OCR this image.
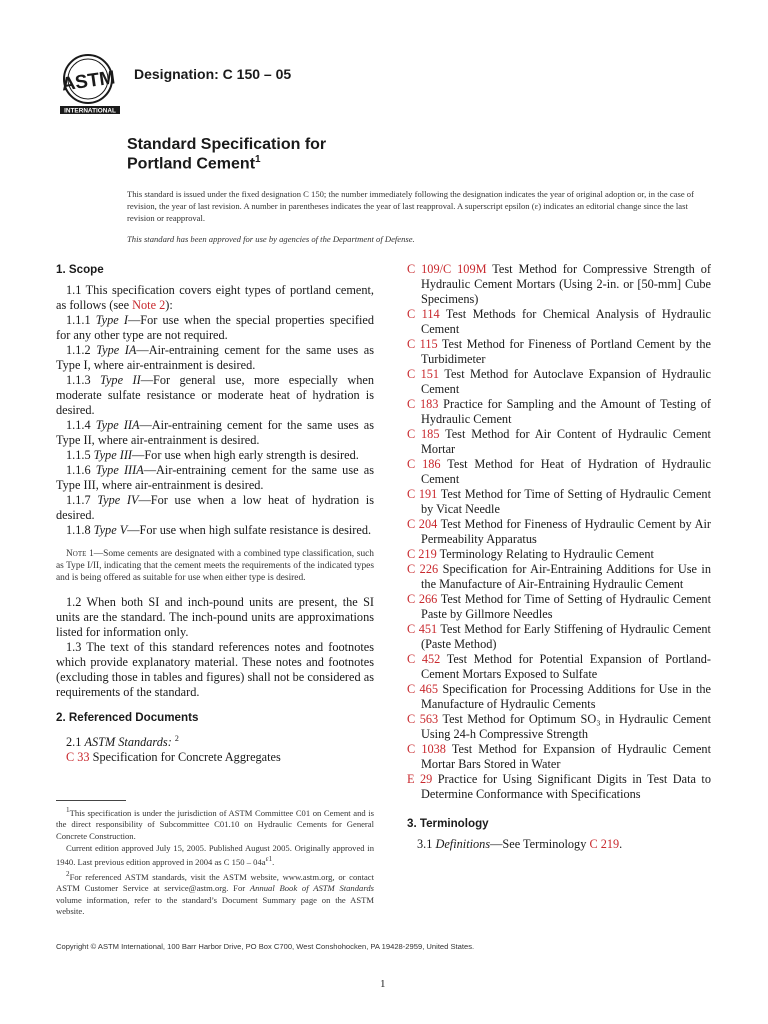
ASTM
INTERNATIONAL
Designation: C 150 – 05
Standard Specification for
Portland Cement$^1$
This standard is issued under the fixed designation C 150; the number immediately following the designation indicates the year of original adoption or, in the case of revision, the year of last revision. A number in parentheses indicates the year of last reapproval. A superscript epsilon (ε) indicates an editorial change since the last revision or reapproval.
This standard has been approved for use by agencies of the Department of Defense.
1. Scope

1.1 This specification covers eight types of portland cement, as follows (see Note 2):

1.1.1 Type I—For use when the special properties specified for any other type are not required.

1.1.2 Type IA—Air-entraining cement for the same uses as Type I, where air-entrainment is desired.

1.1.3 Type II—For general use, more especially when moderate sulfate resistance or moderate heat of hydration is desired.

1.1.4 Type IIA—Air-entraining cement for the same uses as Type II, where air-entrainment is desired.

1.1.5 Type III—For use when high early strength is desired.

1.1.6 Type IIIA—Air-entraining cement for the same use as Type III, where air-entrainment is desired.

1.1.7 Type IV—For use when a low heat of hydration is desired.

1.1.8 Type V—For use when high sulfate resistance is desired.

Note 1—Some cements are designated with a combined type classification, such as Type I/II, indicating that the cement meets the requirements of the indicated types and is being offered as suitable for use when either type is desired.

1.2 When both SI and inch-pound units are present, the SI units are the standard. The inch-pound units are approximations listed for information only.

1.3 The text of this standard references notes and footnotes which provide explanatory material. These notes and footnotes (excluding those in tables and figures) shall not be considered as requirements of the standard.

2. Referenced Documents

2.1 ASTM Standards: $^2$

C 33 Specification for Concrete Aggregates

$^1$This specification is under the jurisdiction of ASTM Committee C01 on Cement and is the direct responsibility of Subcommittee C01.10 on Hydraulic Cements for General Concrete Construction.

Current edition approved July 15, 2005. Published August 2005. Originally approved in 1940. Last previous edition approved in 2004 as C $150 - 04a^{\varepsilon 1}$.

$^2$For referenced ASTM standards, visit the ASTM website, www.astm.org, or contact ASTM Customer Service at service@astm.org. For Annual Book of ASTM Standards volume information, refer to the standard’s Document Summary page on the ASTM website.

C 109/C 109M Test Method for Compressive Strength of Hydraulic Cement Mortars (Using 2-in. or [50-mm] Cube Specimens)

C 114 Test Methods for Chemical Analysis of Hydraulic Cement

C 115 Test Method for Fineness of Portland Cement by the Turbidimeter

C 151 Test Method for Autoclave Expansion of Hydraulic Cement

C 183 Practice for Sampling and the Amount of Testing of Hydraulic Cement

C 185 Test Method for Air Content of Hydraulic Cement Mortar

C 186 Test Method for Heat of Hydration of Hydraulic Cement

C 191 Test Method for Time of Setting of Hydraulic Cement by Vicat Needle

C 204 Test Method for Fineness of Hydraulic Cement by Air Permeability Apparatus

C 219 Terminology Relating to Hydraulic Cement

C 226 Specification for Air-Entraining Additions for Use in the Manufacture of Air-Entraining Hydraulic Cement

C 266 Test Method for Time of Setting of Hydraulic Cement Paste by Gillmore Needles

C 451 Test Method for Early Stiffening of Hydraulic Cement (Paste Method)

C 452 Test Method for Potential Expansion of Portland-Cement Mortars Exposed to Sulfate

C 465 Specification for Processing Additions for Use in the Manufacture of Hydraulic Cements

C 563 Test Method for Optimum SO₃ in Hydraulic Cement Using 24-h Compressive Strength

C 1038 Test Method for Expansion of Hydraulic Cement Mortar Bars Stored in Water

E 29 Practice for Using Significant Digits in Test Data to Determine Conformance with Specifications

3. Terminology

3.1 Definitions—See Terminology C 219.

Copyright © ASTM International, 100 Barr Harbor Drive, PO Box C700, West Conshohocken, PA 19428-2959, United States.
1
